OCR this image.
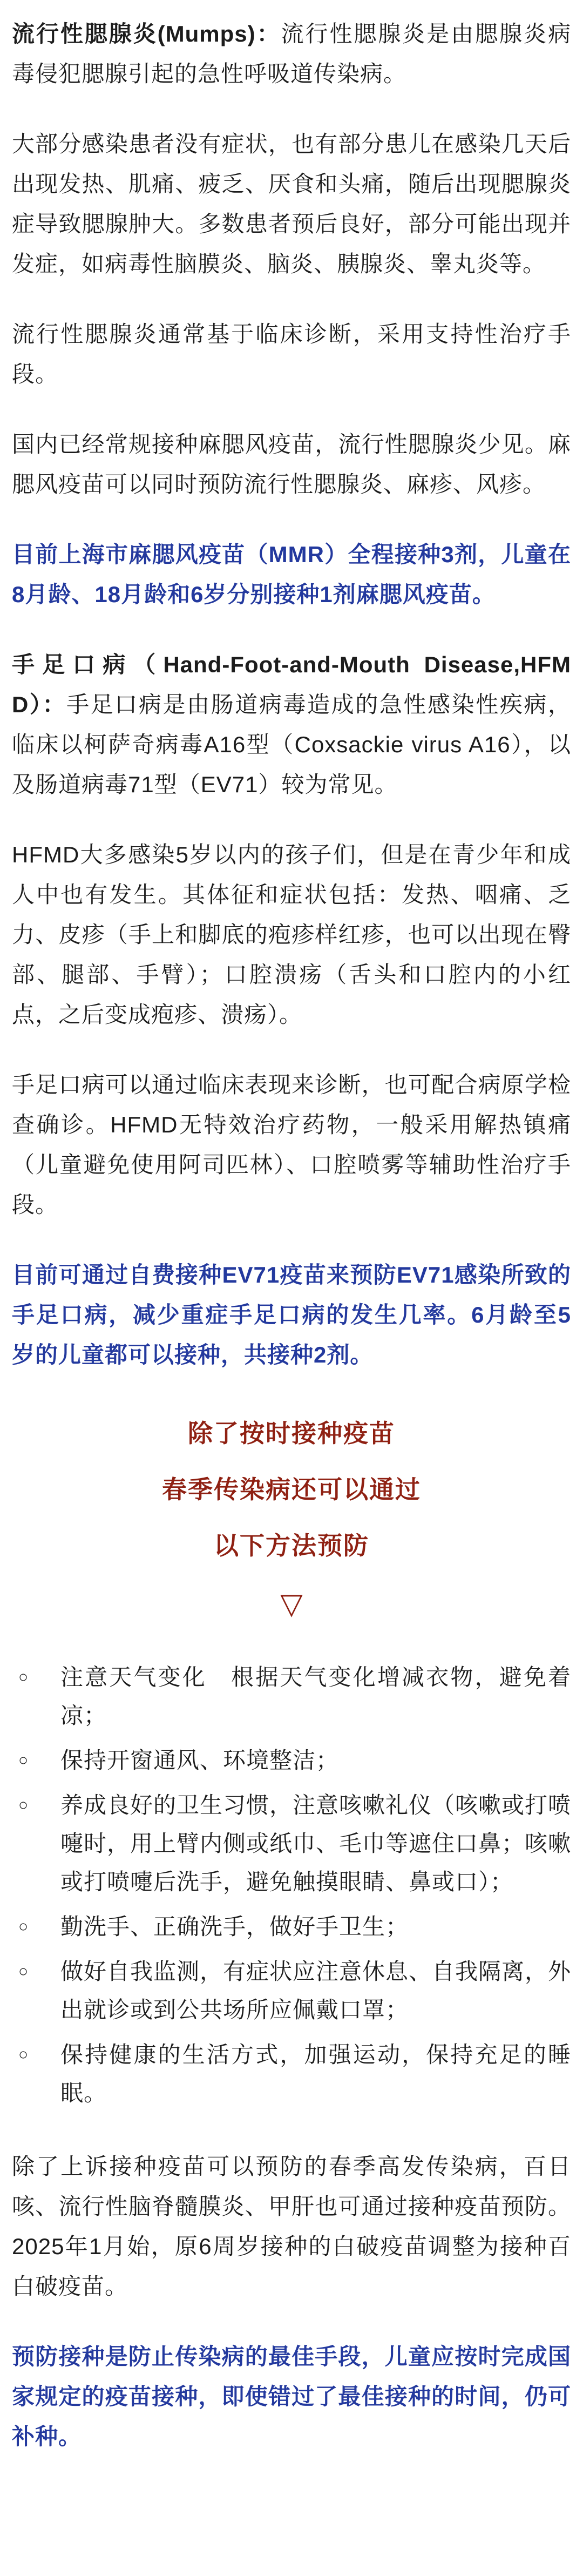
流行性腮腺炎(Mumps)：流行性腮腺炎是由腮腺炎病毒侵犯腮腺引起的急性呼吸道传染病。

大部分感染患者没有症状，也有部分患儿在感染几天后出现发热、肌痛、疲乏、厌食和头痛，随后出现腮腺炎症导致腮腺肿大。多数患者预后良好，部分可能出现并发症，如病毒性脑膜炎、脑炎、胰腺炎、睾丸炎等。

流行性腮腺炎通常基于临床诊断，采用支持性治疗手段。

国内已经常规接种麻腮风疫苗，流行性腮腺炎少见。麻腮风疫苗可以同时预防流行性腮腺炎、麻疹、风疹。

目前上海市麻腮风疫苗（MMR）全程接种3剂，儿童在8月龄、18月龄和6岁分别接种1剂麻腮风疫苗。

手足口病（Hand-Foot-and-Mouth Disease,HFMD）：手足口病是由肠道病毒造成的急性感染性疾病，临床以柯萨奇病毒A16型（Coxsackie virus A16），以及肠道病毒71型（EV71）较为常见。

HFMD大多感染5岁以内的孩子们，但是在青少年和成人中也有发生。其体征和症状包括：发热、咽痛、乏力、皮疹（手上和脚底的疱疹样红疹，也可以出现在臀部、腿部、手臂）；口腔溃疡（舌头和口腔内的小红点，之后变成疱疹、溃疡）。

手足口病可以通过临床表现来诊断，也可配合病原学检查确诊。HFMD无特效治疗药物，一般采用解热镇痛（儿童避免使用阿司匹林）、口腔喷雾等辅助性治疗手段。

目前可通过自费接种EV71疫苗来预防EV71感染所致的手足口病，减少重症手足口病的发生几率。6月龄至5岁的儿童都可以接种，共接种2剂。

除了按时接种疫苗
春季传染病还可以通过
以下方法预防
▽
○	注意天气变化　根据天气变化增减衣物，避免着凉；
○	保持开窗通风、环境整洁；
○	养成良好的卫生习惯，注意咳嗽礼仪（咳嗽或打喷嚏时，用上臂内侧或纸巾、毛巾等遮住口鼻；咳嗽或打喷嚏后洗手，避免触摸眼睛、鼻或口）；
○	勤洗手、正确洗手，做好手卫生；
○	做好自我监测，有症状应注意休息、自我隔离，外出就诊或到公共场所应佩戴口罩；
○	保持健康的生活方式，加强运动，保持充足的睡眠。

除了上诉接种疫苗可以预防的春季高发传染病，百日咳、流行性脑脊髓膜炎、甲肝也可通过接种疫苗预防。2025年1月始，原6周岁接种的白破疫苗调整为接种百白破疫苗。

预防接种是防止传染病的最佳手段，儿童应按时完成国家规定的疫苗接种，即使错过了最佳接种的时间，仍可补种。
